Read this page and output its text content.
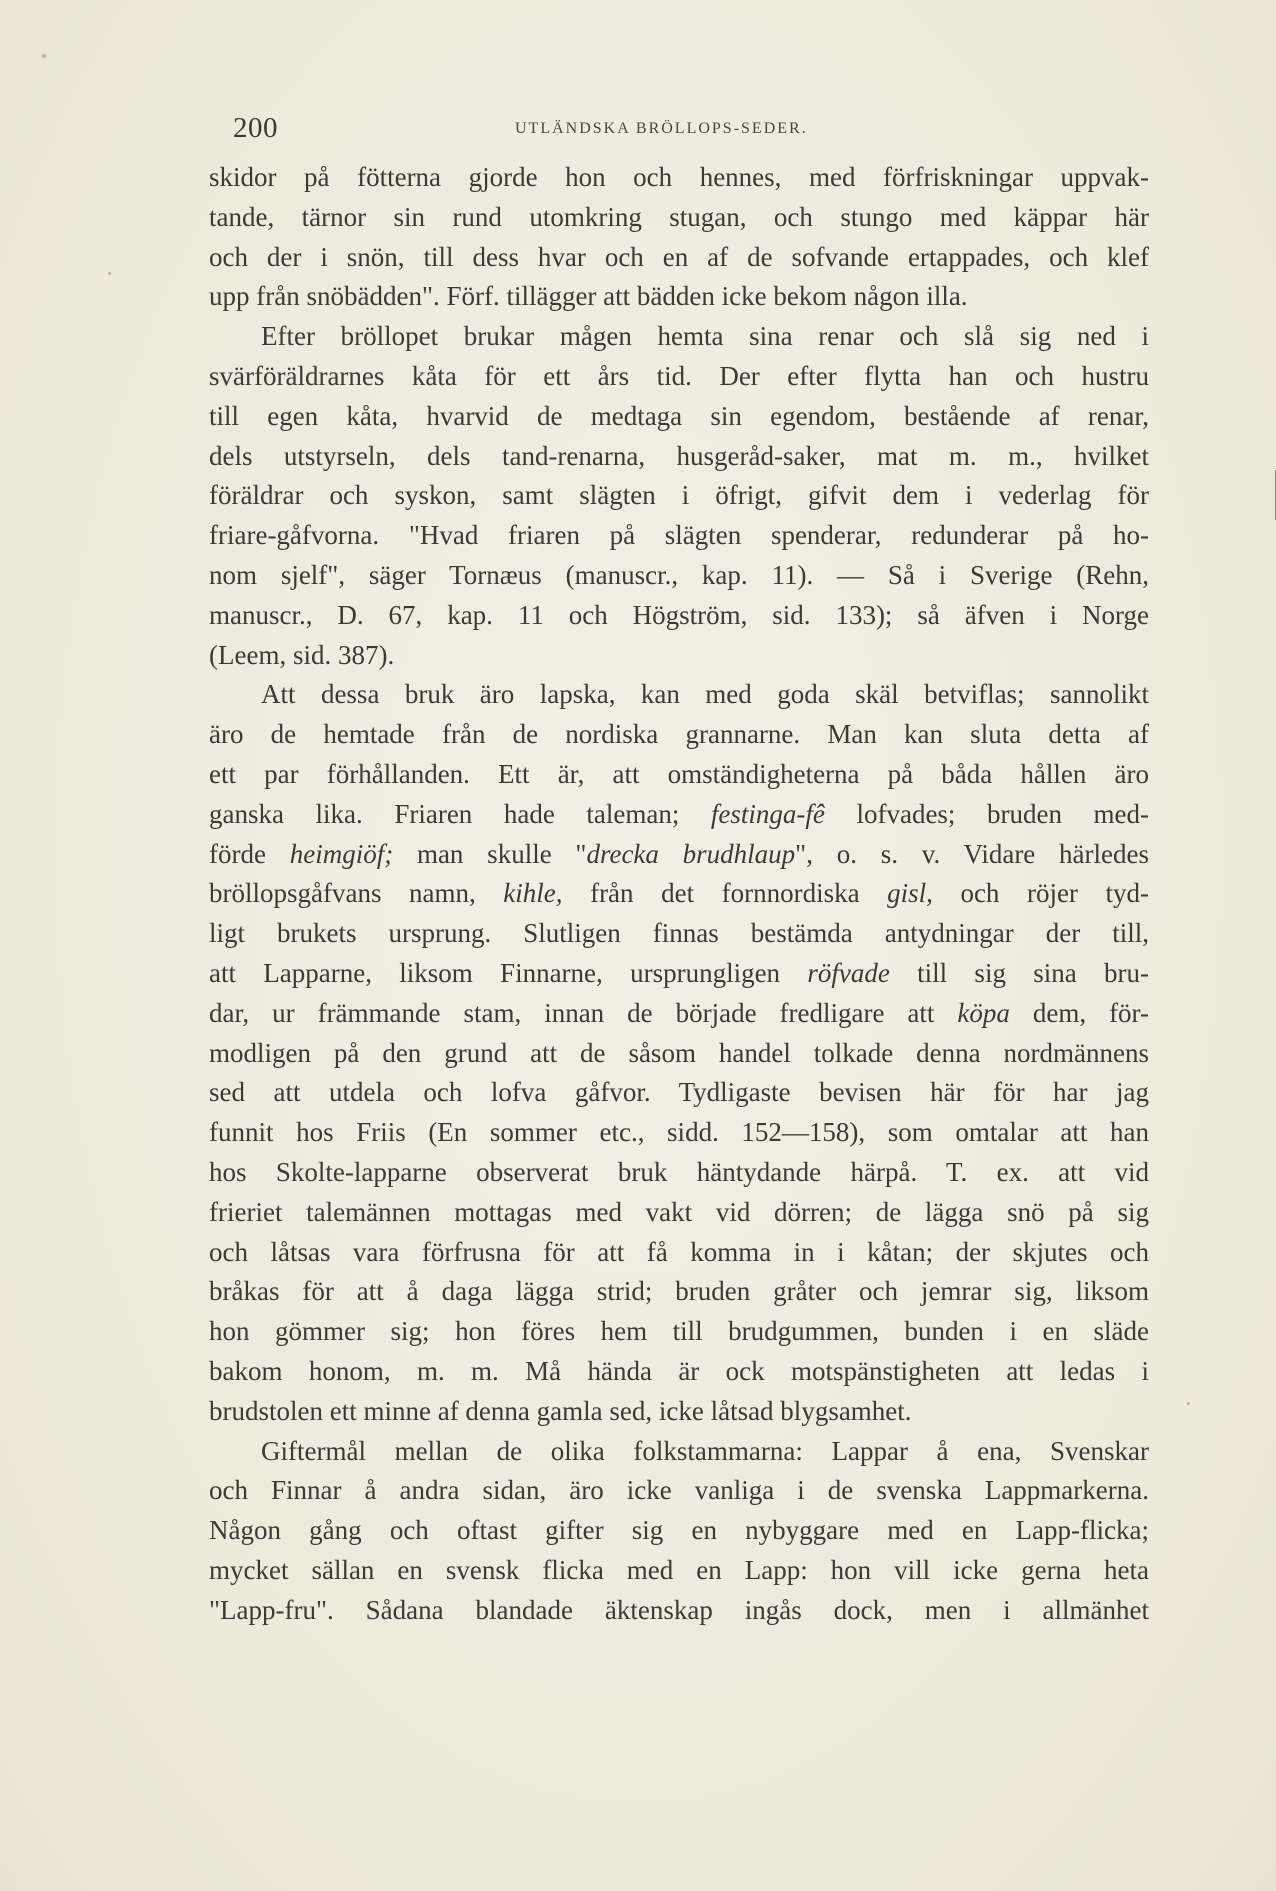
200	UTLÄNDSKA BRÖLLOPS-SEDER.
skidor på fötterna gjorde hon och hennes, med förfriskningar uppvak-
tande, tärnor sin rund utomkring stugan, och stungo med käppar här
och der i snön, till dess hvar och en af de sofvande ertappades, och klef
upp från snöbädden". Förf. tillägger att bädden icke bekom någon illa.
Efter bröllopet brukar mågen hemta sina renar och slå sig ned i
svärföräldrarnes kåta för ett års tid. Der efter flytta han och hustru
till egen kåta, hvarvid de medtaga sin egendom, bestående af renar,
dels utstyrseln, dels tand-renarna, husgeråd-saker, mat m. m., hvilket
föräldrar och syskon, samt slägten i öfrigt, gifvit dem i vederlag för
friare-gåfvorna. "Hvad friaren på slägten spenderar, redunderar på ho-
nom sjelf", säger Tornæus (manuscr., kap. 11). — Så i Sverige (Rehn,
manuscr., D. 67, kap. 11 och Högström, sid. 133); så äfven i Norge
(Leem, sid. 387).
Att dessa bruk äro lapska, kan med goda skäl betviflas; sannolikt
äro de hemtade från de nordiska grannarne. Man kan sluta detta af
ett par förhållanden. Ett är, att omständigheterna på båda hållen äro
ganska lika. Friaren hade taleman; festinga-fê lofvades; bruden med-
förde heimgiöf; man skulle "drecka brudhlaup", o. s. v. Vidare härledes
bröllopsgåfvans namn, kihle, från det fornnordiska gisl, och röjer tyd-
ligt brukets ursprung. Slutligen finnas bestämda antydningar der till,
att Lapparne, liksom Finnarne, ursprungligen röfvade till sig sina bru-
dar, ur främmande stam, innan de började fredligare att köpa dem, för-
modligen på den grund att de såsom handel tolkade denna nordmännens
sed att utdela och lofva gåfvor. Tydligaste bevisen här för har jag
funnit hos Friis (En sommer etc., sidd. 152—158), som omtalar att han
hos Skolte-lapparne observerat bruk häntydande härpå. T. ex. att vid
frieriet talemännen mottagas med vakt vid dörren; de lägga snö på sig
och låtsas vara förfrusna för att få komma in i kåtan; der skjutes och
bråkas för att å daga lägga strid; bruden gråter och jemrar sig, liksom
hon gömmer sig; hon föres hem till brudgummen, bunden i en släde
bakom honom, m. m. Må hända är ock motspänstigheten att ledas i
brudstolen ett minne af denna gamla sed, icke låtsad blygsamhet.
Giftermål mellan de olika folkstammarna: Lappar å ena, Svenskar
och Finnar å andra sidan, äro icke vanliga i de svenska Lappmarkerna.
Någon gång och oftast gifter sig en nybyggare med en Lapp-flicka;
mycket sällan en svensk flicka med en Lapp: hon vill icke gerna heta
"Lapp-fru". Sådana blandade äktenskap ingås dock, men i allmänhet
